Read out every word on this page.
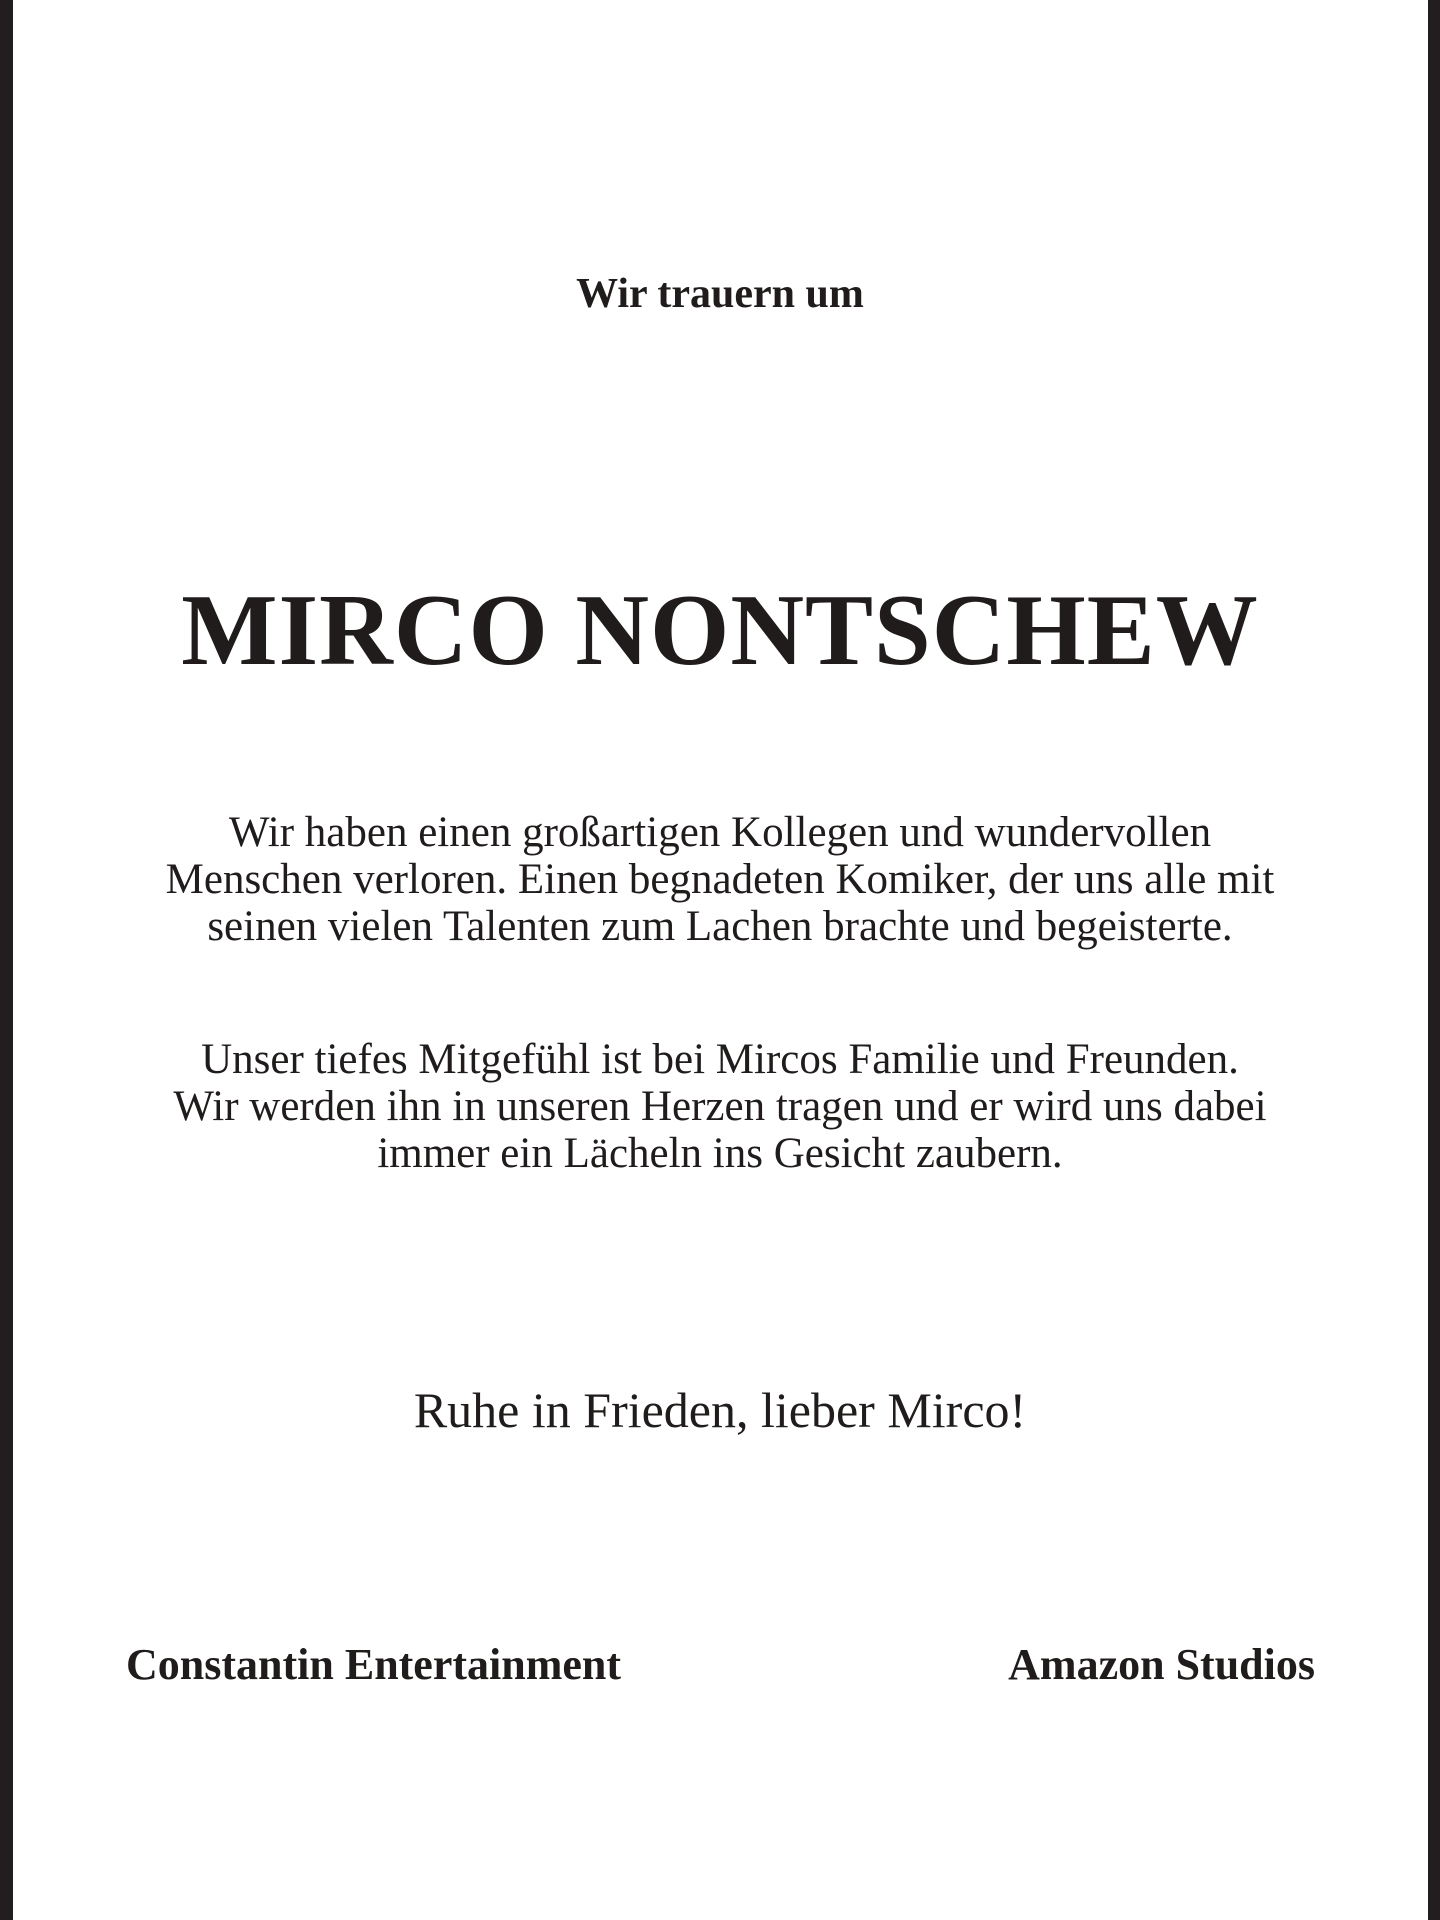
Wir trauern um
MIRCO NONTSCHEW
Wir haben einen großartigen Kollegen und wundervollen
Menschen verloren. Einen begnadeten Komiker, der uns alle mit
seinen vielen Talenten zum Lachen brachte und begeisterte.
Unser tiefes Mitgefühl ist bei Mircos Familie und Freunden.
Wir werden ihn in unseren Herzen tragen und er wird uns dabei
immer ein Lächeln ins Gesicht zaubern.
Ruhe in Frieden, lieber Mirco!
Constantin Entertainment	Amazon Studios
